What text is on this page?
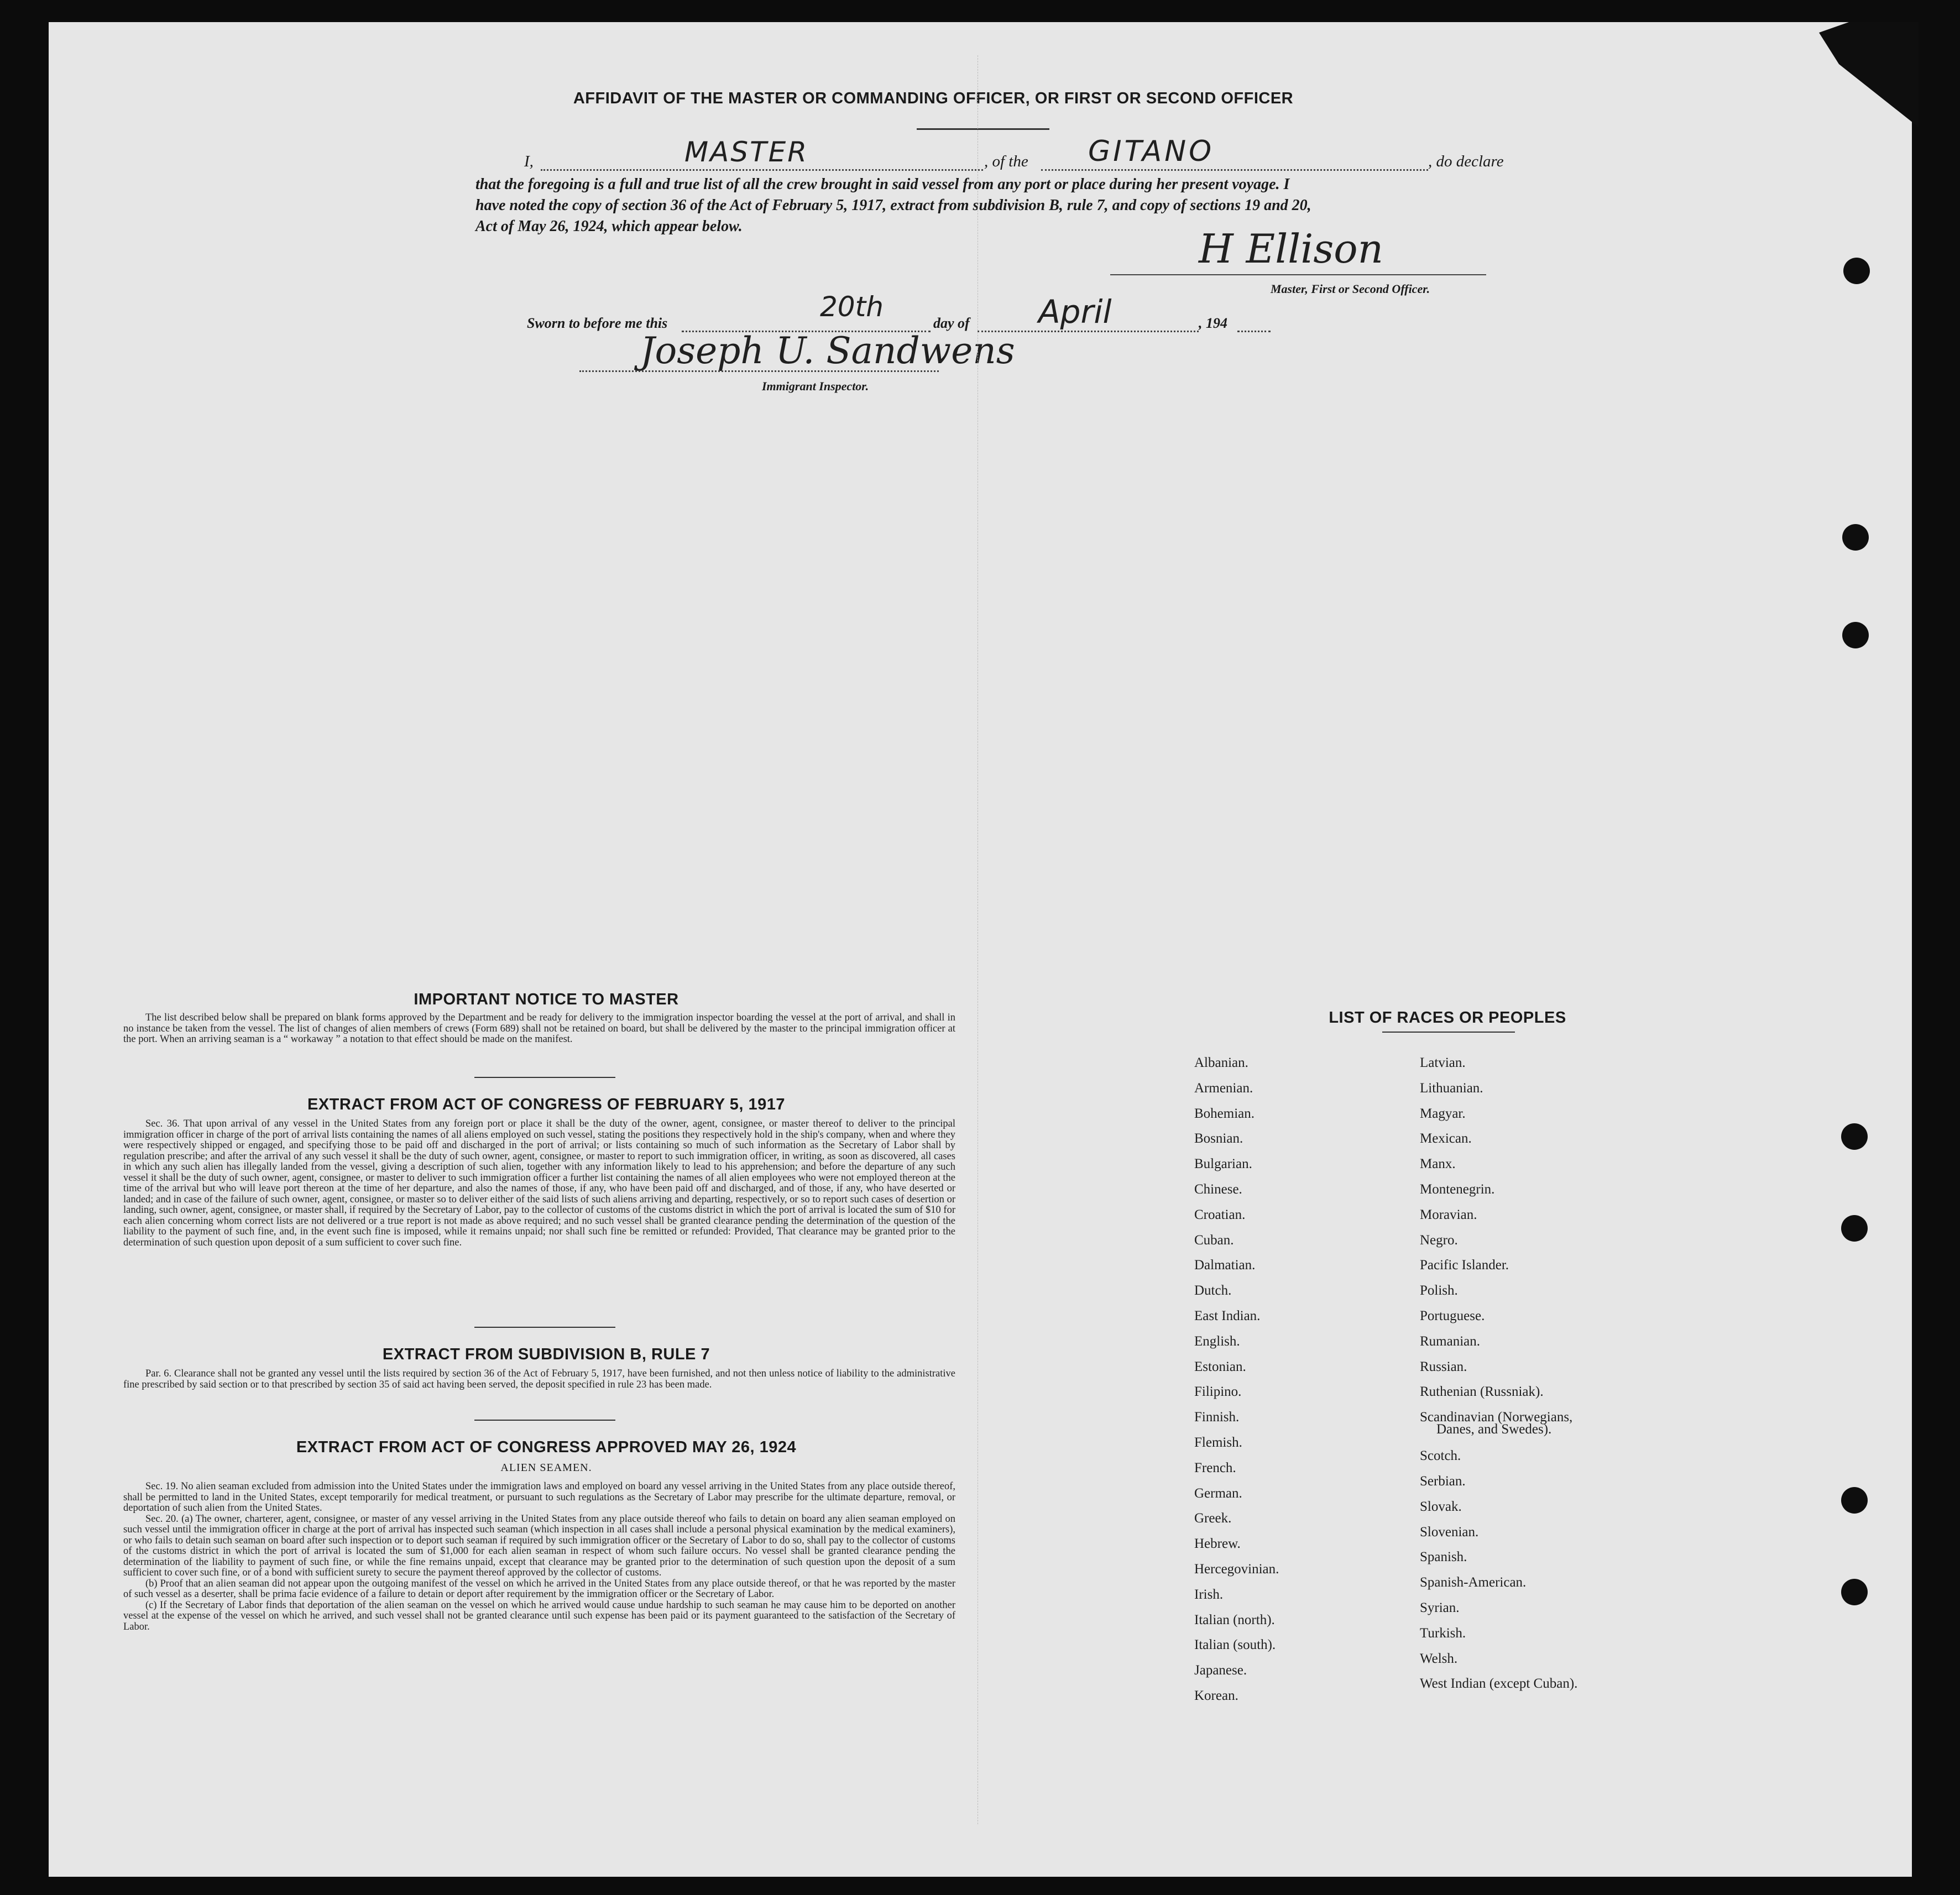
AFFIDAVIT OF THE MASTER OR COMMANDING OFFICER, OR FIRST OR SECOND OFFICER
I,	MASTER	, of the GITANO	, do declare
that the foregoing is a full and true list of all the crew brought in said vessel from any port or place during her present voyage. I
have noted the copy of section 36 of the Act of February 5, 1917, extract from subdivision B, rule 7, and copy of sections 19 and 20,
Act of May 26, 1924, which appear below.	H Ellison
Master, First or Second Officer.
Sworn to before me this
20th
day of April	, 194
Joseph U. Sandwens
Immigrant Inspector.
IMPORTANT NOTICE TO MASTER

The list described below shall be prepared on blank forms approved by the Department and be ready for delivery to the immigration inspector boarding the vessel at the port of arrival, and shall in no instance be taken from the vessel. The list of changes of alien members of crews (Form 689) shall not be retained on board, but shall be delivered by the master to the principal immigration officer at the port. When an arriving seaman is a “ workaway ” a notation to that effect should be made on the manifest.

EXTRACT FROM ACT OF CONGRESS OF FEBRUARY 5, 1917

Sec. 36. That upon arrival of any vessel in the United States from any foreign port or place it shall be the duty of the owner, agent, consignee, or master thereof to deliver to the principal immigration officer in charge of the port of arrival lists containing the names of all aliens employed on such vessel, stating the positions they respectively hold in the ship's company, when and where they were respectively shipped or engaged, and specifying those to be paid off and discharged in the port of arrival; or lists containing so much of such information as the Secretary of Labor shall by regulation prescribe; and after the arrival of any such vessel it shall be the duty of such owner, agent, consignee, or master to report to such immigration officer, in writing, as soon as discovered, all cases in which any such alien has illegally landed from the vessel, giving a description of such alien, together with any information likely to lead to his apprehension; and before the departure of any such vessel it shall be the duty of such owner, agent, consignee, or master to deliver to such immigration officer a further list containing the names of all alien employees who were not employed thereon at the time of the arrival but who will leave port thereon at the time of her departure, and also the names of those, if any, who have been paid off and discharged, and of those, if any, who have deserted or landed; and in case of the failure of such owner, agent, consignee, or master so to deliver either of the said lists of such aliens arriving and departing, respectively, or so to report such cases of desertion or landing, such owner, agent, consignee, or master shall, if required by the Secretary of Labor, pay to the collector of customs of the customs district in which the port of arrival is located the sum of $10 for each alien concerning whom correct lists are not delivered or a true report is not made as above required; and no such vessel shall be granted clearance pending the determination of the question of the liability to the payment of such fine, and, in the event such fine is imposed, while it remains unpaid; nor shall such fine be remitted or refunded: Provided, That clearance may be granted prior to the determination of such question upon deposit of a sum sufficient to cover such fine.

EXTRACT FROM SUBDIVISION B, RULE 7

Par. 6. Clearance shall not be granted any vessel until the lists required by section 36 of the Act of February 5, 1917, have been furnished, and not then unless notice of liability to the administrative fine prescribed by said section or to that prescribed by section 35 of said act having been served, the deposit specified in rule 23 has been made.

EXTRACT FROM ACT OF CONGRESS APPROVED MAY 26, 1924
ALIEN SEAMEN.

Sec. 19. No alien seaman excluded from admission into the United States under the immigration laws and employed on board any vessel arriving in the United States from any place outside thereof, shall be permitted to land in the United States, except temporarily for medical treatment, or pursuant to such regulations as the Secretary of Labor may prescribe for the ultimate departure, removal, or deportation of such alien from the United States.

Sec. 20. (a) The owner, charterer, agent, consignee, or master of any vessel arriving in the United States from any place outside thereof who fails to detain on board any alien seaman employed on such vessel until the immigration officer in charge at the port of arrival has inspected such seaman (which inspection in all cases shall include a personal physical examination by the medical examiners), or who fails to detain such seaman on board after such inspection or to deport such seaman if required by such immigration officer or the Secretary of Labor to do so, shall pay to the collector of customs of the customs district in which the port of arrival is located the sum of $1,000 for each alien seaman in respect of whom such failure occurs. No vessel shall be granted clearance pending the determination of the liability to payment of such fine, or while the fine remains unpaid, except that clearance may be granted prior to the determination of such question upon the deposit of a sum sufficient to cover such fine, or of a bond with sufficient surety to secure the payment thereof approved by the collector of customs.

(b) Proof that an alien seaman did not appear upon the outgoing manifest of the vessel on which he arrived in the United States from any place outside thereof, or that he was reported by the master of such vessel as a deserter, shall be prima facie evidence of a failure to detain or deport after requirement by the immigration officer or the Secretary of Labor.

(c) If the Secretary of Labor finds that deportation of the alien seaman on the vessel on which he arrived would cause undue hardship to such seaman he may cause him to be deported on another vessel at the expense of the vessel on which he arrived, and such vessel shall not be granted clearance until such expense has been paid or its payment guaranteed to the satisfaction of the Secretary of Labor.

LIST OF RACES OR PEOPLES
Albanian.
Armenian.
Bohemian.
Bosnian.
Bulgarian.
Chinese.
Croatian.
Cuban.
Dalmatian.
Dutch.
East Indian.
English.
Estonian.
Filipino.
Finnish.
Flemish.
French.
German.
Greek.
Hebrew.
Hercegovinian.
Irish.
Italian (north).
Italian (south).
Japanese.
Korean.
Latvian.
Lithuanian.
Magyar.
Mexican.
Manx.
Montenegrin.
Moravian.
Negro.
Pacific Islander.
Polish.
Portuguese.
Rumanian.
Russian.
Ruthenian (Russniak).
Scandinavian (Norwegians,
Danes, and Swedes).
Scotch.
Serbian.
Slovak.
Slovenian.
Spanish.
Spanish-American.
Syrian.
Turkish.
Welsh.
West Indian (except Cuban).
